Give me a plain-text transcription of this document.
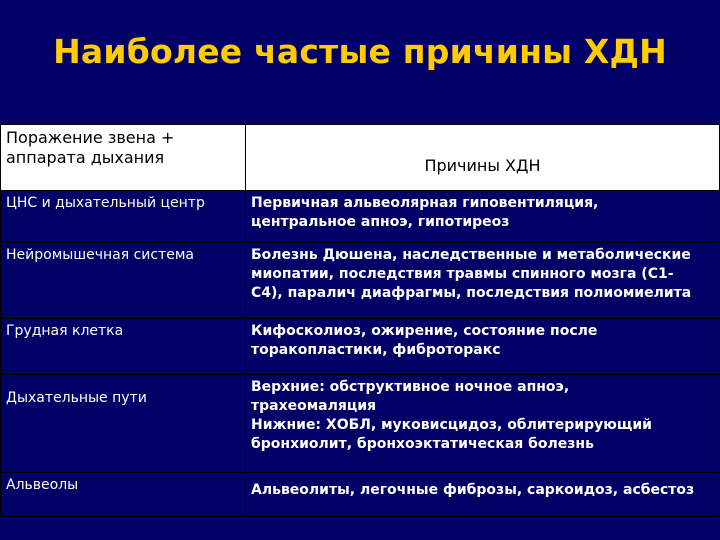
Наиболее частые причины ХДН
Поражение звена +
аппарата дыхания	Причины ХДН
ЦНС и дыхательный центр	Первичная альвеолярная гиповентиляция,
центральное апноэ, гипотиреоз

Нейромышечная система	Болезнь Дюшена, наследственные и метаболические
миопатии, последствия травмы спинного мозга (С1-
С4), паралич диафрагмы, последствия полиомиелита

Грудная клетка	Кифосколиоз, ожирение, состояние после
торакопластики, фиброторакс

Дыхательные пути	Верхние: обструктивное ночное апноэ,
трахеомаляция
Нижние: ХОБЛ, муковисцидоз, облитерирующий
бронхиолит, бронхоэктатическая болезнь

Альвеолы	Альвеолиты, легочные фиброзы, саркоидоз, асбестоз
